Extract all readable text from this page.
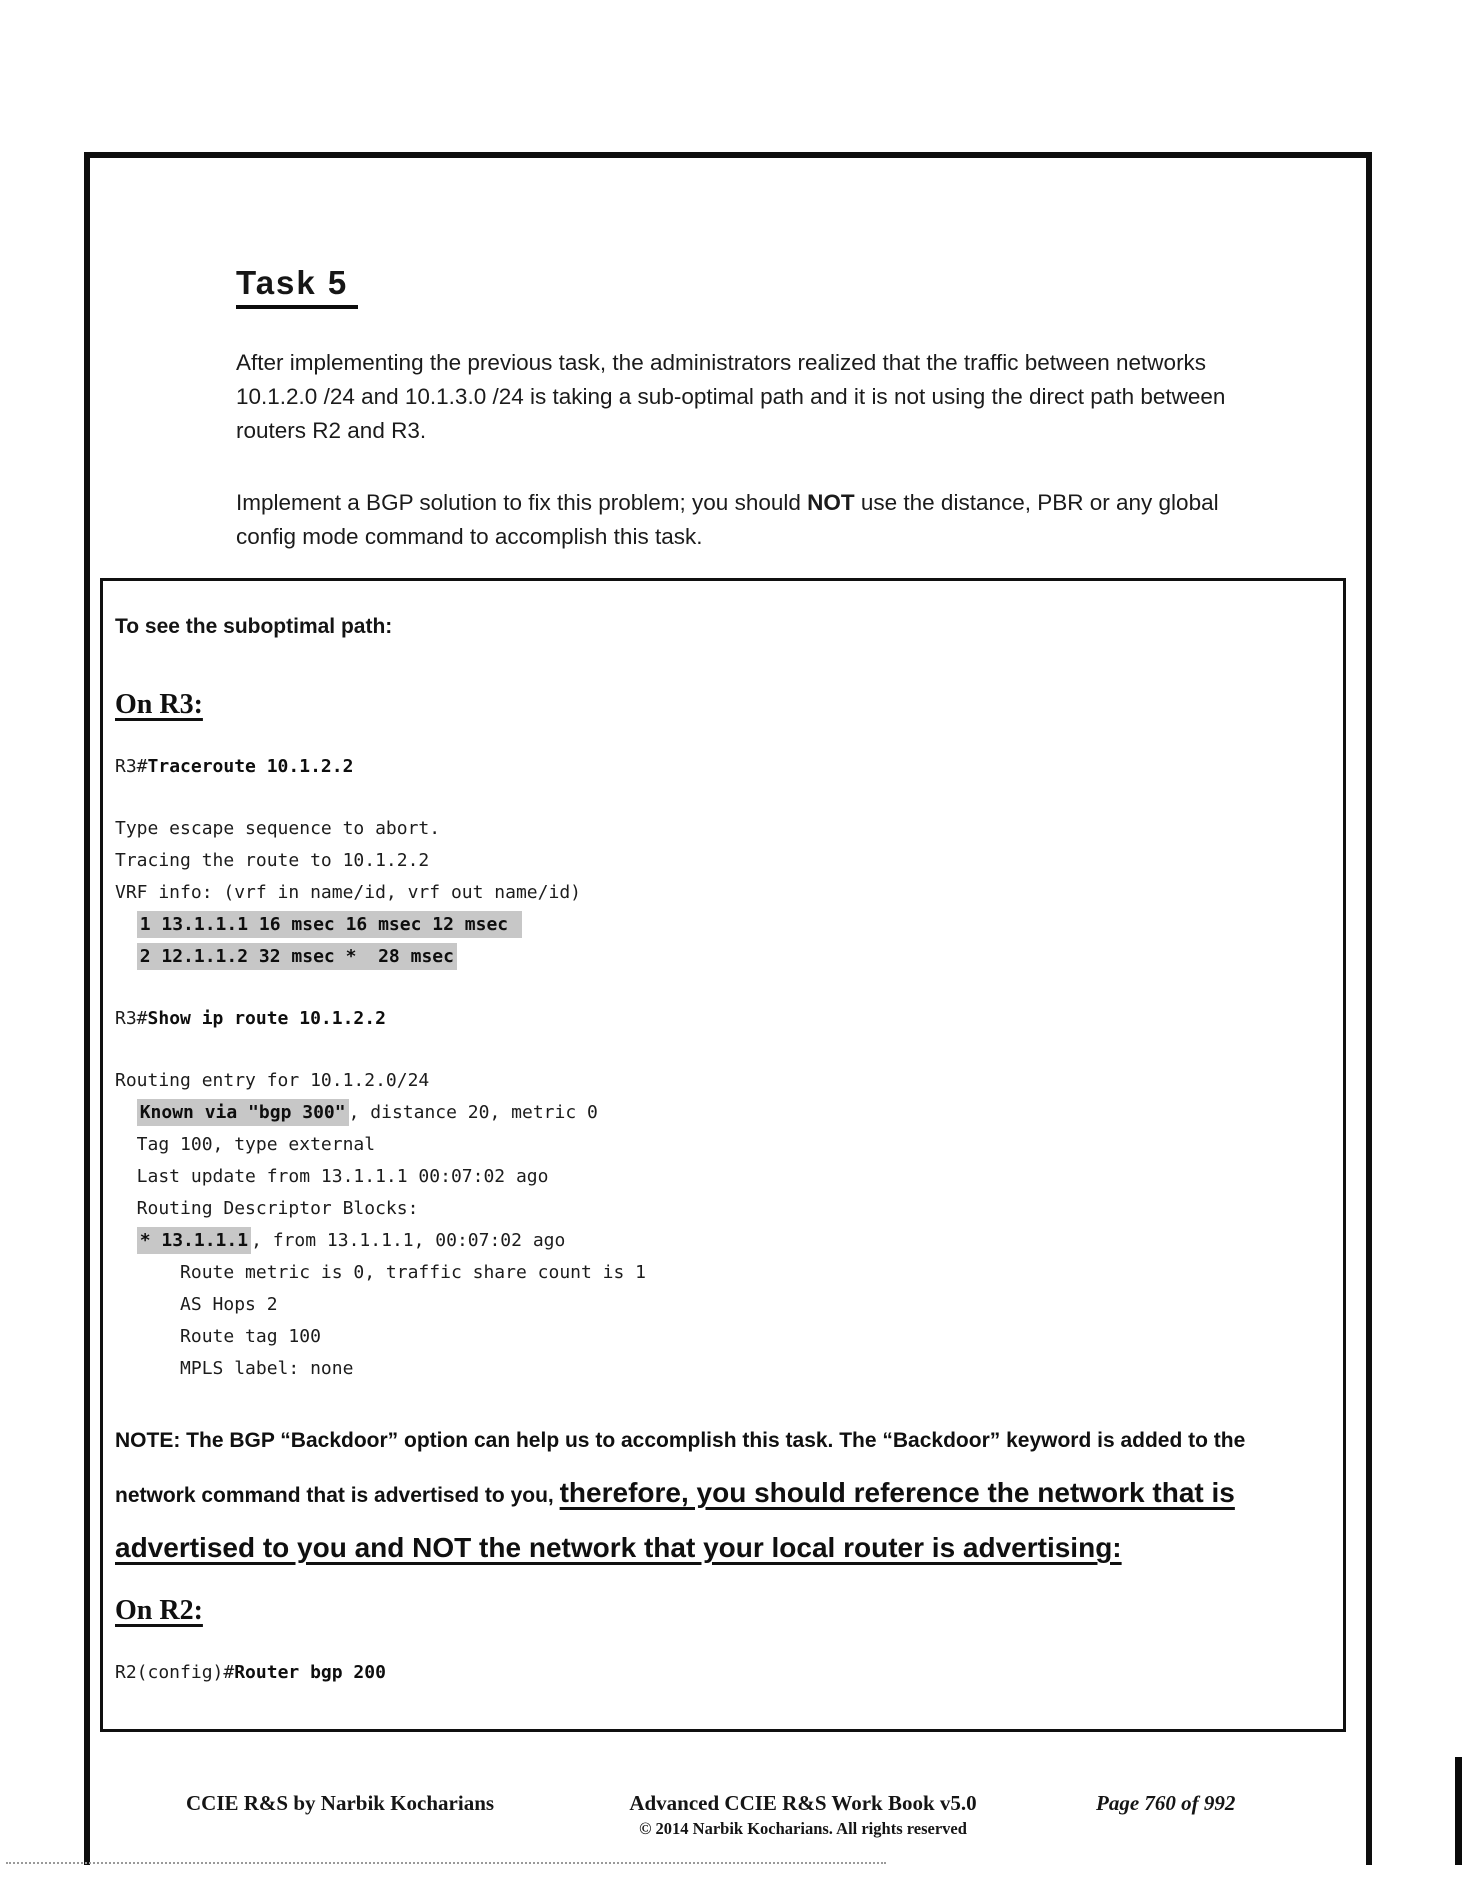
Task 5

After implementing the previous task, the administrators realized that the traffic between networks 10.1.2.0 /24 and 10.1.3.0 /24 is taking a sub-optimal path and it is not using the direct path between routers R2 and R3.

Implement a BGP solution to fix this problem; you should NOT use the distance, PBR or any global config mode command to accomplish this task.

To see the suboptimal path:
On R3:
R3#Traceroute 10.1.2.2
Type escape sequence to abort.
Tracing the route to 10.1.2.2
VRF info: (vrf in name/id, vrf out name/id)
1 13.1.1.1 16 msec 16 msec 12 msec
2 12.1.1.2 32 msec *  28 msec
R3#Show ip route 10.1.2.2
Routing entry for 10.1.2.0/24
Known via "bgp 300" , distance 20, metric 0
Tag 100, type external
Last update from 13.1.1.1 00:07:02 ago
Routing Descriptor Blocks:
* 13.1.1.1 , from 13.1.1.1, 00:07:02 ago
Route metric is 0, traffic share count is 1
AS Hops 2
Route tag 100
MPLS label: none

NOTE: The BGP “Backdoor” option can help us to accomplish this task. The “Backdoor” keyword is added to the network command that is advertised to you, therefore, you should reference the network that is advertised to you and NOT the network that your local router is advertising:

On R2:
R2(config)#Router bgp 200
CCIE R&S by Narbik Kocharians	Advanced CCIE R&S Work Book v5.0
© 2014 Narbik Kocharians. All rights reserved
Page 760 of 992
